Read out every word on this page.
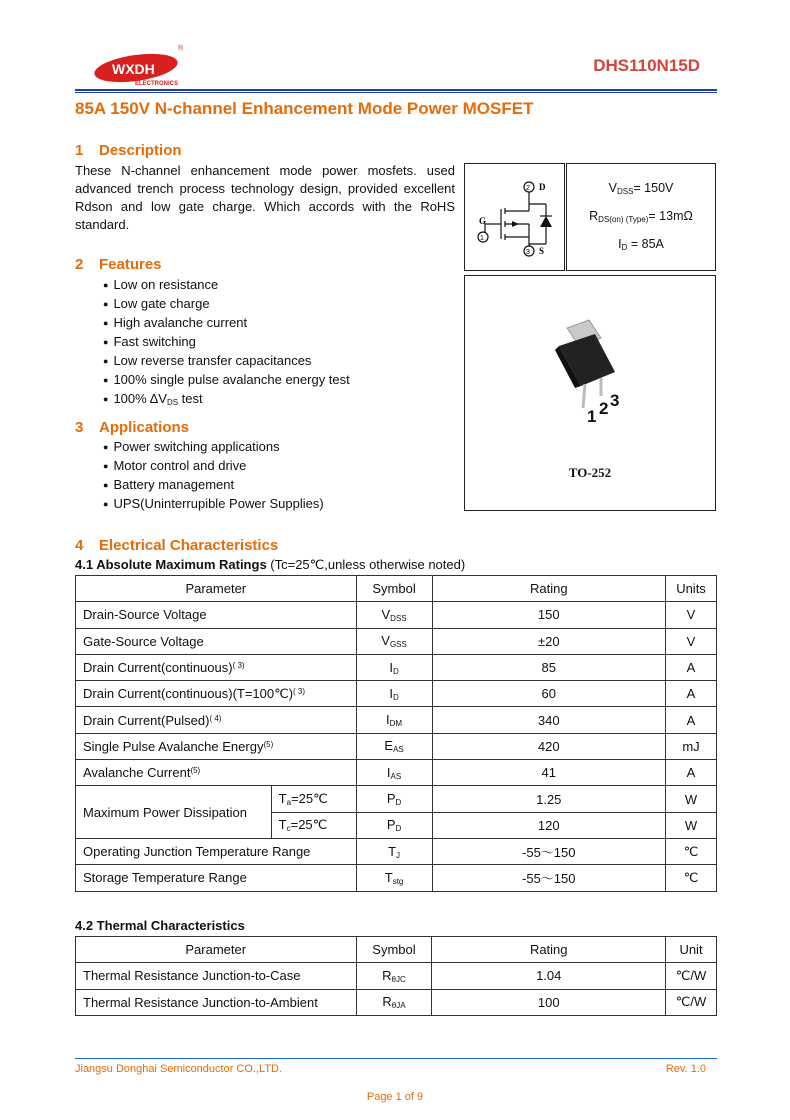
WXDH
ELECTRONICS
®
DHS110N15D
85A 150V N-channel Enhancement Mode Power MOSFET
1 Description
These N-channel enhancement mode power mosfets. used advanced trench process technology design, provided excellent Rdson and low gate charge. Which accords with the RoHS standard.
2 Features
● Low on resistance
● Low gate charge
● High avalanche current
● Fast switching
● Low reverse transfer capacitances
● 100% single pulse avalanche energy test
● 100% $\Delta V_{DS}$ test
3 Applications
● Power switching applications
● Motor control and drive
● Battery management
● UPS(Uninterrupible Power Supplies)
2
3
1
D
S
G
$V_{DSS}= 150V$
$R_{DS(on) (Type)}= 13m\Omega$
$I_D = 85A$
1 2 3
TO-252
4 Electrical Characteristics
4.1 Absolute Maximum Ratings (Tc=25℃,unless otherwise noted)
Parameter		Symbol	Rating	Units
Drain-Source Voltage		$V_{DSS}$	150	V
Gate-Source Voltage		$V_{GSS}$	±20	V
Drain Current(continuous)$^{( 3)}$		$I_D$	85	A
Drain Current(continuous)(T=100℃)$^{( 3)}$		$I_D$	60	A
Drain Current(Pulsed)$^{( 4)}$		$I_{DM}$	340	A
Single Pulse Avalanche Energy$^{(5)}$		$E_{AS}$	420	mJ
Avalanche Current$^{(5)}$		$I_{AS}$	41	A
Maximum Power Dissipation	$T_a=25℃$	$P_D$	1.25	W
	$T_c=25℃$	$P_D$	120	W
Operating Junction Temperature Range		$T_J$	-55～150	℃
Storage Temperature Range		$T_{stg}$	-55～150	℃
4.2 Thermal Characteristics
Parameter	Symbol	Rating	Unit
Thermal Resistance Junction-to-Case	$R_{\theta JC}$	1.04	℃/W
Thermal Resistance Junction-to-Ambient	$R_{\theta JA}$	100	℃/W
Jiangsu Donghai Semiconductor CO.,LTD.	Rev. 1.0
Page 1 of 9
